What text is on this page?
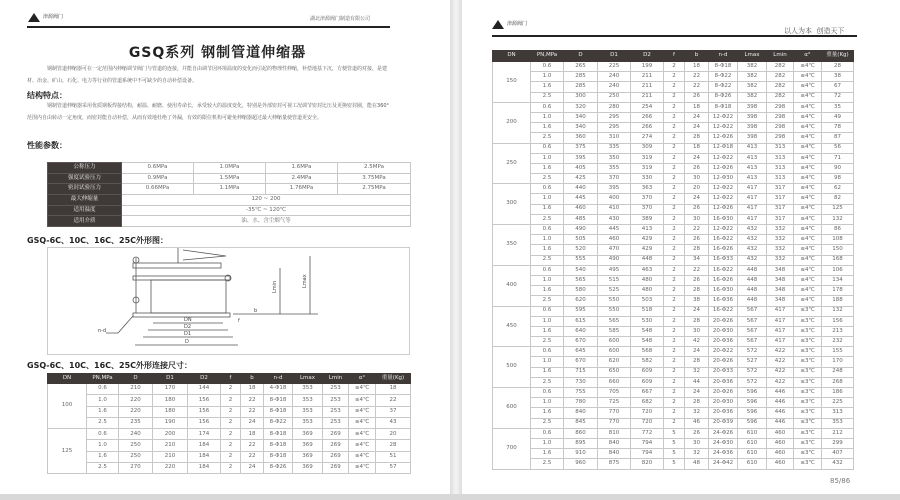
津源阀门	湖北津源阀门制造有限公司
GSQ系列 钢制管道伸缩器
钢制管道伸缩器可在一定范围内伸缩调节阀门与管道的连接，并能自由调节因环境温度的变化而引起的物理性伸缩，补偿地基下沉，方便管道的对接，是建材、冶金、矿山、石化、电力等行业的管道系统中不可缺少的自动补偿设备。
结构特点：
钢制管道伸缩器采用优质钢板焊接结构，耐温、耐磨、使用寿命长，承受较大的温度变化，特别是外部密封可视工况调节密封比压及更换密封圈，能在360°范围内自由转动一定角度，而密封能自动补偿，从而有效地杜绝了外漏，有效的限位机构可避免伸缩器超过最大伸缩量使管道更安全。
性能参数：
公称压力	0.6MPa	1.0MPa	1.6MPa	2.5MPa
强度试验压力	0.9MPa	1.5MPa	2.4MPa	3.75MPa
密封试验压力	0.66MPa	1.1MPa	1.76MPa	2.75MPa
最大伸缩量	120 ~ 200			
适用温度	-35℃ ~ 120℃			
适用介质	油、水、含尘烟气等			
GSQ-6C、10C、16C、25C外形图：
DN
D2
D1
D
n-d
Lmin	Lmax
f
b
GSQ-6C、10C、16C、25C外形连接尺寸：
DN	PN,MPa	D	D1	D2	f	b	n-d	Lmax	Lmin	α°	重量(Kg)
100	0.6	210	170	144	2	18	4-Φ18	353	253	≤4℃	18
	1.0	220	180	156	2	22	8-Φ18	353	253	≤4℃	22
	1.6	220	180	156	2	22	8-Φ18	353	253	≤4℃	37
	2.5	235	190	156	2	24	8-Φ22	353	253	≤4℃	43
125	0.6	240	200	174	2	18	8-Φ18	369	269	≤4℃	20
	1.0	250	210	184	2	22	8-Φ18	369	269	≤4℃	28
	1.6	250	210	184	2	22	8-Φ18	369	269	≤4℃	51
	2.5	270	220	184	2	24	8-Φ26	369	269	≤4℃	57
津源阀门
以人为本  创造天下
DN	PN,MPa	D	D1	D2	f	b	n-d	Lmax	Lmin	α°	重量(Kg)
150	0.6	265	225	199	2	18	8-Φ18	382	282	≤4℃	28
	1.0	285	240	211	2	22	8-Φ22	382	282	≤4℃	38
	1.6	285	240	211	2	22	8-Φ22	382	282	≤4℃	67
	2.5	300	250	211	2	26	8-Φ26	382	282	≤4℃	72
200	0.6	320	280	254	2	18	8-Φ18	398	298	≤4℃	35
	1.0	340	295	266	2	24	12-Φ22	398	298	≤4℃	49
	1.6	340	295	266	2	24	12-Φ22	398	298	≤4℃	78
	2.5	360	310	274	2	28	12-Φ26	398	298	≤4℃	87
250	0.6	375	335	309	2	18	12-Φ18	413	313	≤4℃	56
	1.0	395	350	319	2	24	12-Φ22	413	313	≤4℃	71
	1.6	405	355	319	2	26	12-Φ26	413	313	≤4℃	90
	2.5	425	370	330	2	30	12-Φ30	413	313	≤4℃	98
300	0.6	440	395	363	2	20	12-Φ22	417	317	≤4℃	62
	1.0	445	400	370	2	24	12-Φ22	417	317	≤4℃	82
	1.6	460	410	370	2	26	12-Φ26	417	317	≤4℃	125
	2.5	485	430	389	2	30	16-Φ30	417	317	≤4℃	132
350	0.6	490	445	413	2	22	12-Φ22	432	332	≤4℃	86
	1.0	505	460	429	2	26	16-Φ22	432	332	≤4℃	108
	1.6	520	470	429	2	28	16-Φ26	432	332	≤4℃	150
	2.5	555	490	448	2	34	16-Φ33	432	332	≤4℃	168
400	0.6	540	495	463	2	22	16-Φ22	448	348	≤4℃	106
	1.0	565	515	480	2	26	16-Φ26	448	348	≤4℃	134
	1.6	580	525	480	2	28	16-Φ30	448	348	≤4℃	178
	2.5	620	550	503	2	38	16-Φ36	448	348	≤4℃	188
450	0.6	595	550	518	2	24	16-Φ22	567	417	≤3℃	132
	1.0	615	565	530	2	28	20-Φ26	567	417	≤3℃	156
	1.6	640	585	548	2	30	20-Φ30	567	417	≤3℃	213
	2.5	670	600	548	2	42	20-Φ36	567	417	≤3℃	232
500	0.6	645	600	568	2	24	20-Φ22	572	422	≤3℃	155
	1.0	670	620	582	2	28	20-Φ26	527	422	≤3℃	170
	1.6	715	650	609	2	32	20-Φ33	572	422	≤3℃	248
	2.5	730	660	609	2	44	20-Φ36	572	422	≤3℃	268
600	0.6	755	705	667	2	24	20-Φ26	596	446	≤3℃	186
	1.0	780	725	682	2	28	20-Φ30	596	446	≤3℃	225
	1.6	840	770	720	2	32	20-Φ36	596	446	≤3℃	313
	2.5	845	770	720	2	46	20-Φ39	596	446	≤3℃	353
700	0.6	860	810	772	5	26	24-Φ26	610	460	≤3℃	212
	1.0	895	840	794	5	30	24-Φ30	610	460	≤3℃	299
	1.6	910	840	794	5	32	24-Φ36	610	460	≤3℃	407
	2.5	960	875	820	5	48	24-Φ42	610	460	≤3℃	432
85/86
